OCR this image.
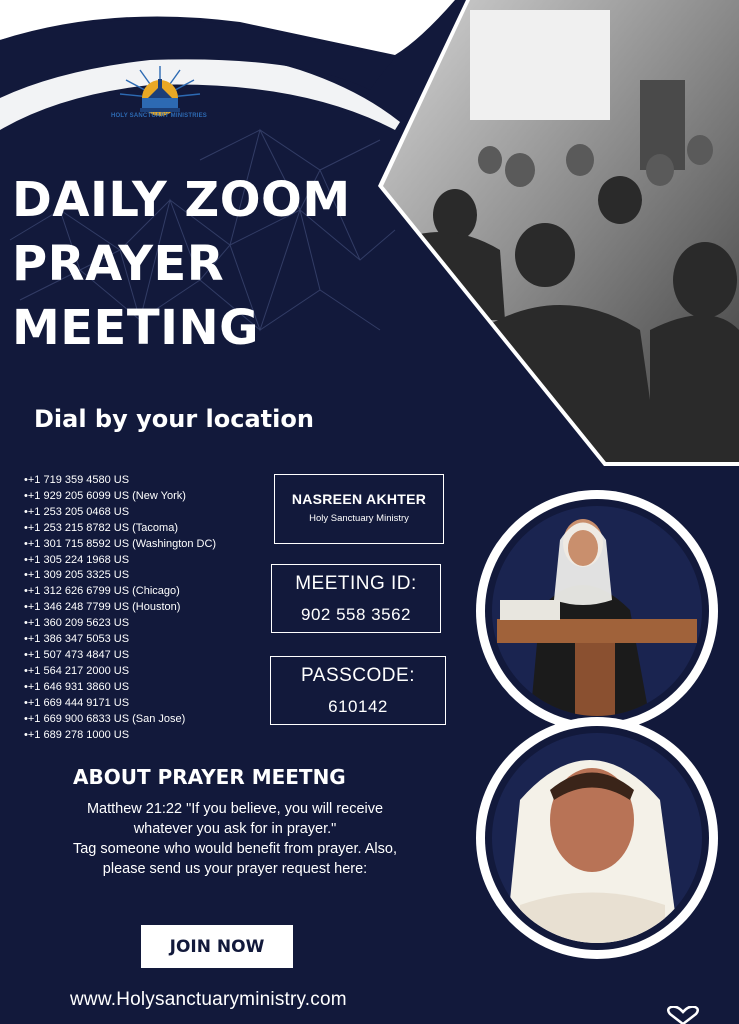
HOLY SANCTUARY MINISTRIES
DAILY ZOOM
PRAYER
MEETING
Dial by your location
• +1 719 359 4580 US
• +1 929 205 6099 US (New York)
• +1 253 205 0468 US
• +1 253 215 8782 US (Tacoma)
• +1 301 715 8592 US (Washington DC)
• +1 305 224 1968 US
• +1 309 205 3325 US
• +1 312 626 6799 US (Chicago)
• +1 346 248 7799 US (Houston)
• +1 360 209 5623 US
• +1 386 347 5053 US
• +1 507 473 4847 US
• +1 564 217 2000 US
• +1 646 931 3860 US
• +1 669 444 9171 US
• +1 669 900 6833 US (San Jose)
• +1 689 278 1000 US
NASREEN AKHTER
Holy Sanctuary Ministry
MEETING ID:
902 558 3562
PASSCODE:
610142
ABOUT PRAYER MEETNG

Matthew 21:22 "If you believe, you will receive
whatever you ask for in prayer."
Tag someone who would benefit from prayer. Also,
please send us your prayer request here:

JOIN NOW
www.Holysanctuaryministry.com
